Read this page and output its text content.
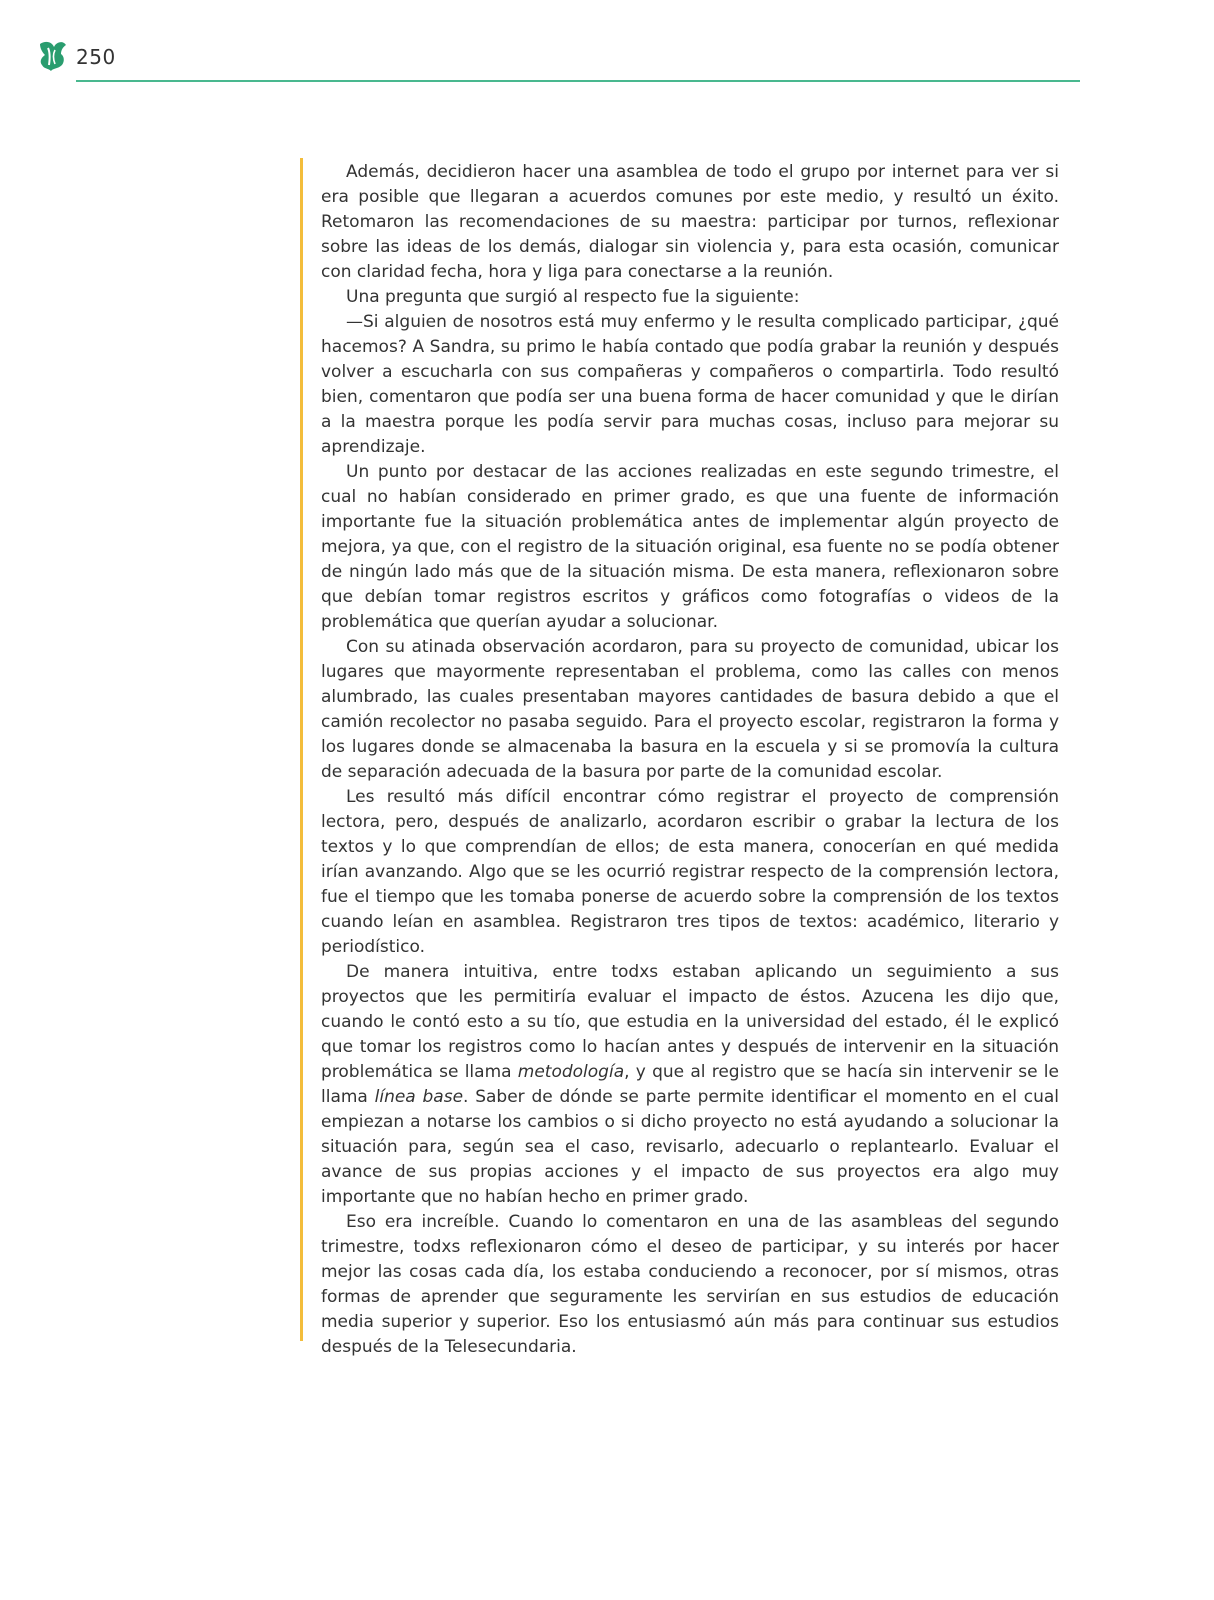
250

Además, decidieron hacer una asamblea de todo el grupo por internet para ver si era posible que llegaran a acuerdos comunes por este medio, y resultó un éxito. Retomaron las recomendaciones de su maestra: participar por turnos, reflexionar sobre las ideas de los demás, dialogar sin violencia y, para esta ocasión, comunicar con claridad fecha, hora y liga para conectarse a la reunión.

Una pregunta que surgió al respecto fue la siguiente:

—Si alguien de nosotros está muy enfermo y le resulta complicado participar, ¿qué hacemos? A Sandra, su primo le había contado que podía grabar la reunión y después volver a escucharla con sus compañeras y compañeros o compartirla. Todo resultó bien, comentaron que podía ser una buena forma de hacer comunidad y que le dirían a la maestra porque les podía servir para muchas cosas, incluso para mejorar su aprendizaje.

Un punto por destacar de las acciones realizadas en este segundo trimestre, el cual no habían considerado en primer grado, es que una fuente de información importante fue la situación problemática antes de implementar algún proyecto de mejora, ya que, con el registro de la situación original, esa fuente no se podía obtener de ningún lado más que de la situación misma. De esta manera, reflexionaron sobre que debían tomar registros escritos y gráficos como fotografías o videos de la problemática que querían ayudar a solucionar.

Con su atinada observación acordaron, para su proyecto de comunidad, ubicar los lugares que mayormente representaban el problema, como las calles con menos alumbrado, las cuales presentaban mayores cantidades de basura debido a que el camión recolector no pasaba seguido. Para el proyecto escolar, registraron la forma y los lugares donde se almacenaba la basura en la escuela y si se promovía la cultura de separación adecuada de la basura por parte de la comunidad escolar.

Les resultó más difícil encontrar cómo registrar el proyecto de comprensión lectora, pero, después de analizarlo, acordaron escribir o grabar la lectura de los textos y lo que comprendían de ellos; de esta manera, conocerían en qué medida irían avanzando. Algo que se les ocurrió registrar respecto de la comprensión lectora, fue el tiempo que les tomaba ponerse de acuerdo sobre la comprensión de los textos cuando leían en asamblea. Registraron tres tipos de textos: académico, literario y periodístico.

De manera intuitiva, entre todxs estaban aplicando un seguimiento a sus proyectos que les permitiría evaluar el impacto de éstos. Azucena les dijo que, cuando le contó esto a su tío, que estudia en la universidad del estado, él le explicó que tomar los registros como lo hacían antes y después de intervenir en la situación problemática se llama metodología, y que al registro que se hacía sin intervenir se le llama línea base. Saber de dónde se parte permite identificar el momento en el cual empiezan a notarse los cambios o si dicho proyecto no está ayudando a solucionar la situación para, según sea el caso, revisarlo, adecuarlo o replantearlo. Evaluar el avance de sus propias acciones y el impacto de sus proyectos era algo muy importante que no habían hecho en primer grado.

Eso era increíble. Cuando lo comentaron en una de las asambleas del segundo trimestre, todxs reflexionaron cómo el deseo de participar, y su interés por hacer mejor las cosas cada día, los estaba conduciendo a reconocer, por sí mismos, otras formas de aprender que seguramente les servirían en sus estudios de educación media superior y superior. Eso los entusiasmó aún más para continuar sus estudios después de la Telesecundaria.
